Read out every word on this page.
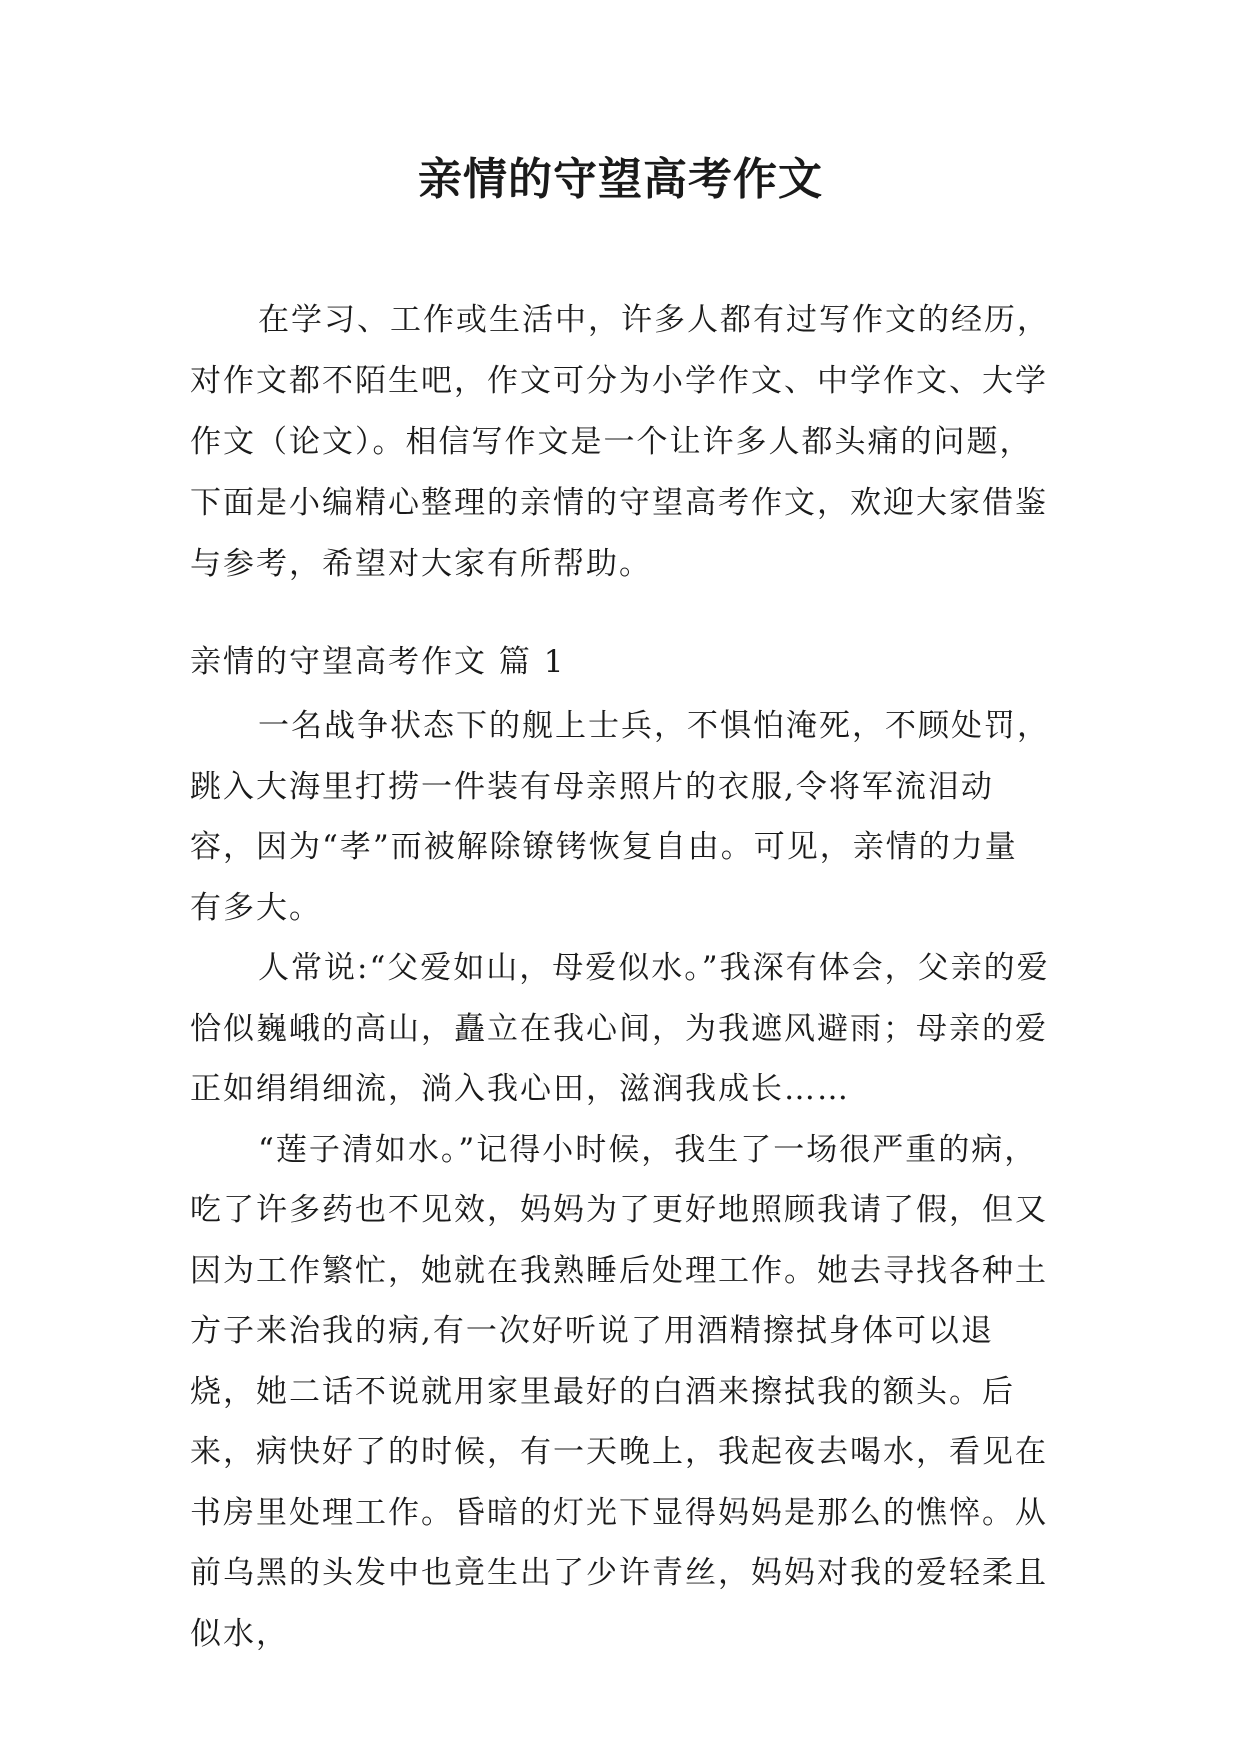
亲情的守望高考作文

在学习、工作或生活中，许多人都有过写作文的经历，对作文都不陌生吧，作文可分为小学作文、中学作文、大学作文（论文）。相信写作文是一个让许多人都头痛的问题，下面是小编精心整理的亲情的守望高考作文，欢迎大家借鉴与参考，希望对大家有所帮助。

亲情的守望高考作文 篇 1

一名战争状态下的舰上士兵，不惧怕淹死，不顾处罚，跳入大海里打捞一件装有母亲照片的衣服,令将军流泪动容，因为“孝”而被解除镣铐恢复自由。可见，亲情的力量有多大。

人常说:“父爱如山，母爱似水。”我深有体会，父亲的爱恰似巍峨的高山，矗立在我心间，为我遮风避雨；母亲的爱正如绢绢细流，淌入我心田，滋润我成长……

“莲子清如水。”记得小时候，我生了一场很严重的病，吃了许多药也不见效，妈妈为了更好地照顾我请了假，但又因为工作繁忙，她就在我熟睡后处理工作。她去寻找各种土方子来治我的病,有一次好听说了用酒精擦拭身体可以退烧，她二话不说就用家里最好的白酒来擦拭我的额头。后来，病快好了的时候，有一天晚上，我起夜去喝水，看见在书房里处理工作。昏暗的灯光下显得妈妈是那么的憔悴。从前乌黑的头发中也竟生出了少许青丝，妈妈对我的爱轻柔且似水，
